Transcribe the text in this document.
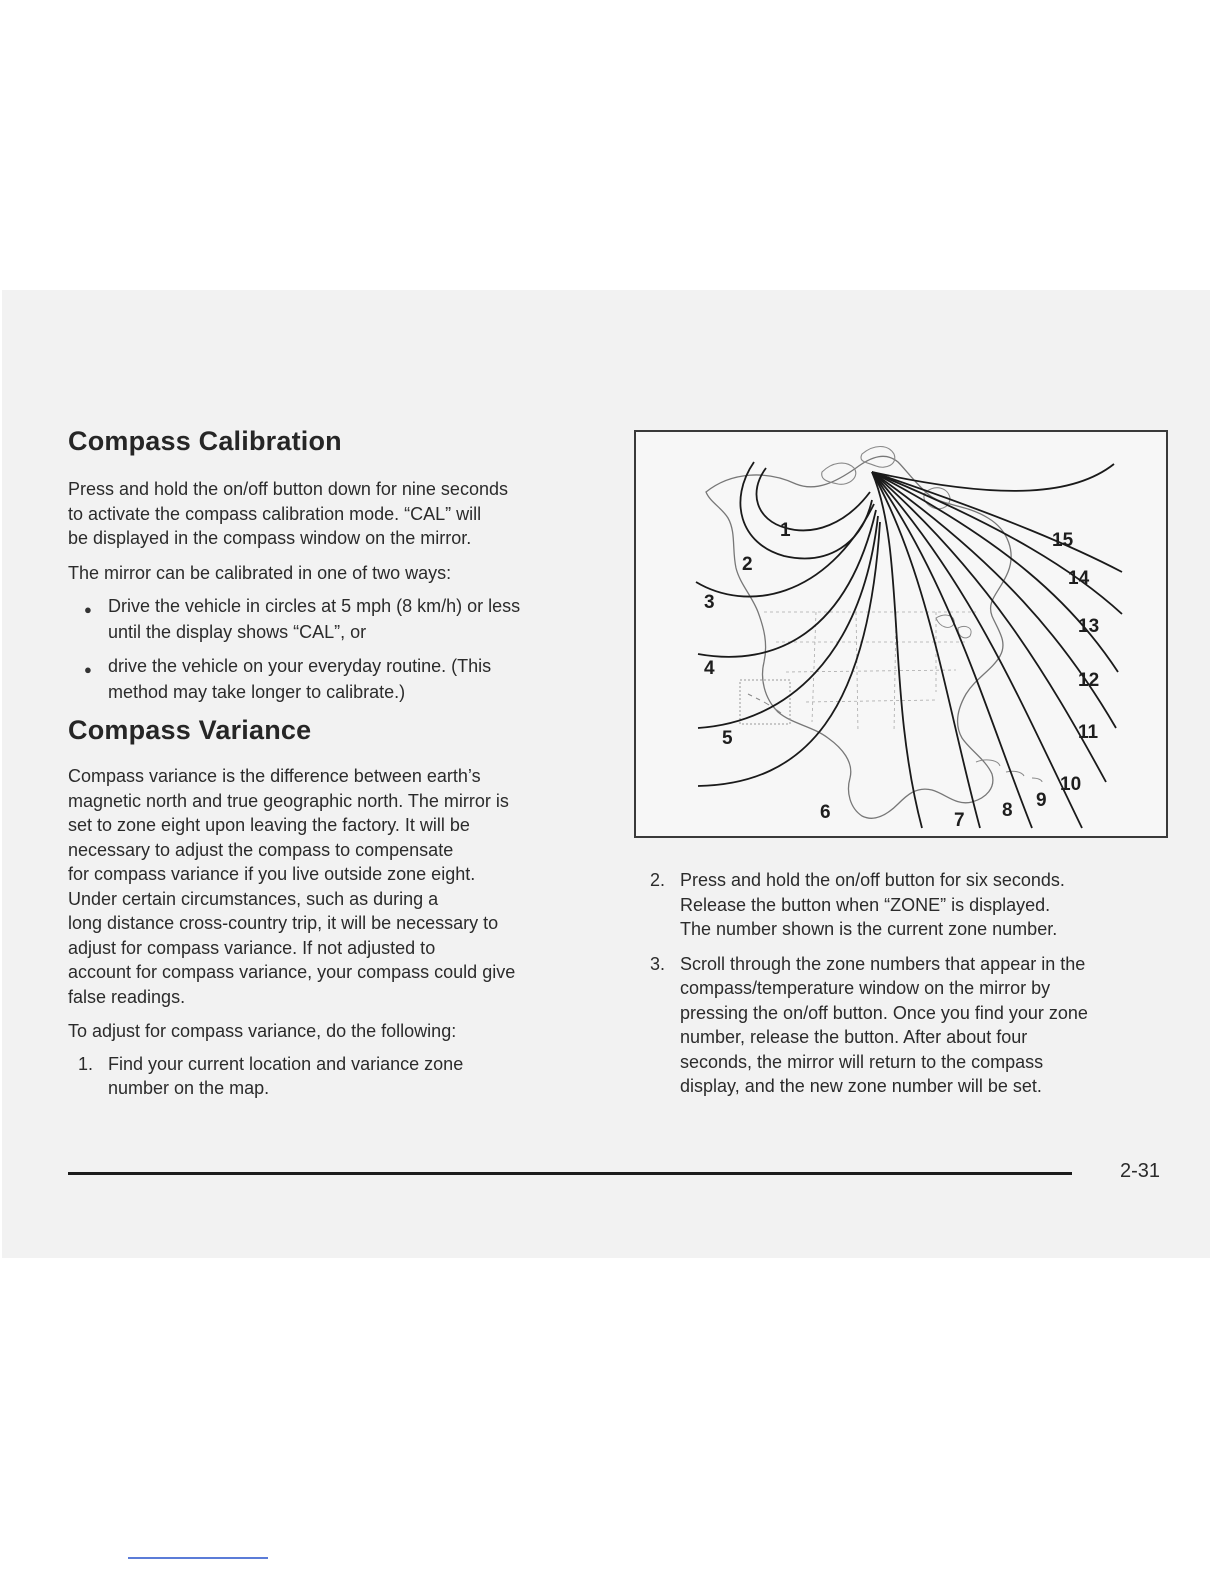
Compass Calibration

Press and hold the on/off button down for nine seconds
to activate the compass calibration mode. “CAL” will
be displayed in the compass window on the mirror.

The mirror can be calibrated in one of two ways:

● Drive the vehicle in circles at 5 mph (8 km/h) or less
until the display shows “CAL”, or
● drive the vehicle on your everyday routine. (This
method may take longer to calibrate.)
Compass Variance

Compass variance is the difference between earth’s
magnetic north and true geographic north. The mirror is
set to zone eight upon leaving the factory. It will be
necessary to adjust the compass to compensate
for compass variance if you live outside zone eight.
Under certain circumstances, such as during a
long distance cross-country trip, it will be necessary to
adjust for compass variance. If not adjusted to
account for compass variance, your compass could give
false readings.

To adjust for compass variance, do the following:

1. Find your current location and variance zone
number on the map.
1
2
3
4
5
6	7 8 9
10
11
12
13
14
15
2. Press and hold the on/off button for six seconds.
Release the button when “ZONE” is displayed.
The number shown is the current zone number.
3. Scroll through the zone numbers that appear in the
compass/temperature window on the mirror by
pressing the on/off button. Once you find your zone
number, release the button. After about four
seconds, the mirror will return to the compass
display, and the new zone number will be set.
2-31
